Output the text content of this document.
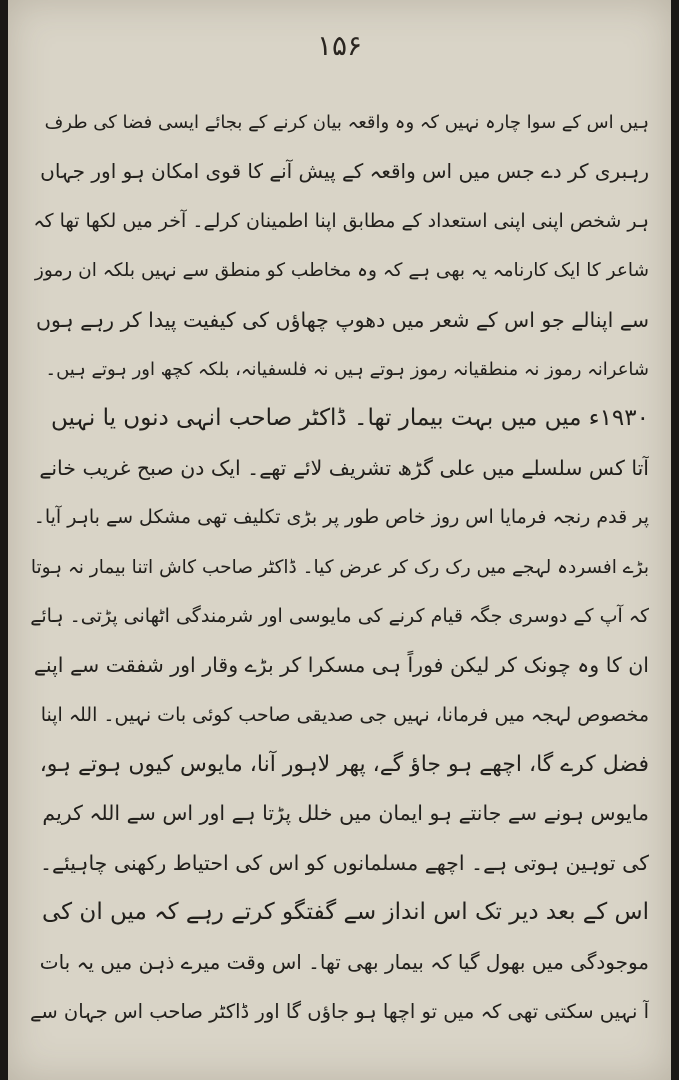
۱۵۶
ہیں اس کے سوا چارہ نہیں کہ وہ واقعہ بیان کرنے کے بجائے ایسی فضا کی طرف
رہبری کر دے جس میں اس واقعہ کے پیش آنے کا قوی امکان ہو اور جہاں
ہر شخص اپنی اپنی استعداد کے مطابق اپنا اطمینان کرلے۔ آخر میں لکھا تھا کہ
شاعر کا ایک کارنامہ یہ بھی ہے کہ وہ مخاطب کو منطق سے نہیں بلکہ ان رموز
سے اپنالے جو اس کے شعر میں دھوپ چھاؤں کی کیفیت پیدا کر رہے ہوں
شاعرانہ رموز نہ منطقیانہ رموز ہوتے ہیں نہ فلسفیانہ، بلکہ کچھ اور ہوتے ہیں۔
۱۹۳۰ء میں میں بہت بیمار تھا۔ ڈاکٹر صاحب انہی دنوں یا نہیں
آتا کس سلسلے میں علی گڑھ تشریف لائے تھے۔ ایک دن صبح غریب خانے
پر قدم رنجہ فرمایا اس روز خاص طور پر بڑی تکلیف تھی مشکل سے باہر آیا۔
بڑے افسردہ لہجے میں رک رک کر عرض کیا۔ ڈاکٹر صاحب کاش اتنا بیمار نہ ہوتا
کہ آپ کے دوسری جگہ قیام کرنے کی مایوسی اور شرمندگی اٹھانی پڑتی۔ ہائے
ان کا وہ چونک کر لیکن فوراً ہی مسکرا کر بڑے وقار اور شفقت سے اپنے
مخصوص لہجہ میں فرمانا، نہیں جی صدیقی صاحب کوئی بات نہیں۔ اللہ اپنا
فضل کرے گا، اچھے ہو جاؤ گے، پھر لاہور آنا، مایوس کیوں ہوتے ہو،
مایوس ہونے سے جانتے ہو ایمان میں خلل پڑتا ہے اور اس سے اللہ کریم
کی توہین ہوتی ہے۔ اچھے مسلمانوں کو اس کی احتیاط رکھنی چاہیئے۔
اس کے بعد دیر تک اس انداز سے گفتگو کرتے رہے کہ میں ان کی
موجودگی میں بھول گیا کہ بیمار بھی تھا۔ اس وقت میرے ذہن میں یہ بات
آ نہیں سکتی تھی کہ میں تو اچھا ہو جاؤں گا اور ڈاکٹر صاحب اس جہان سے
